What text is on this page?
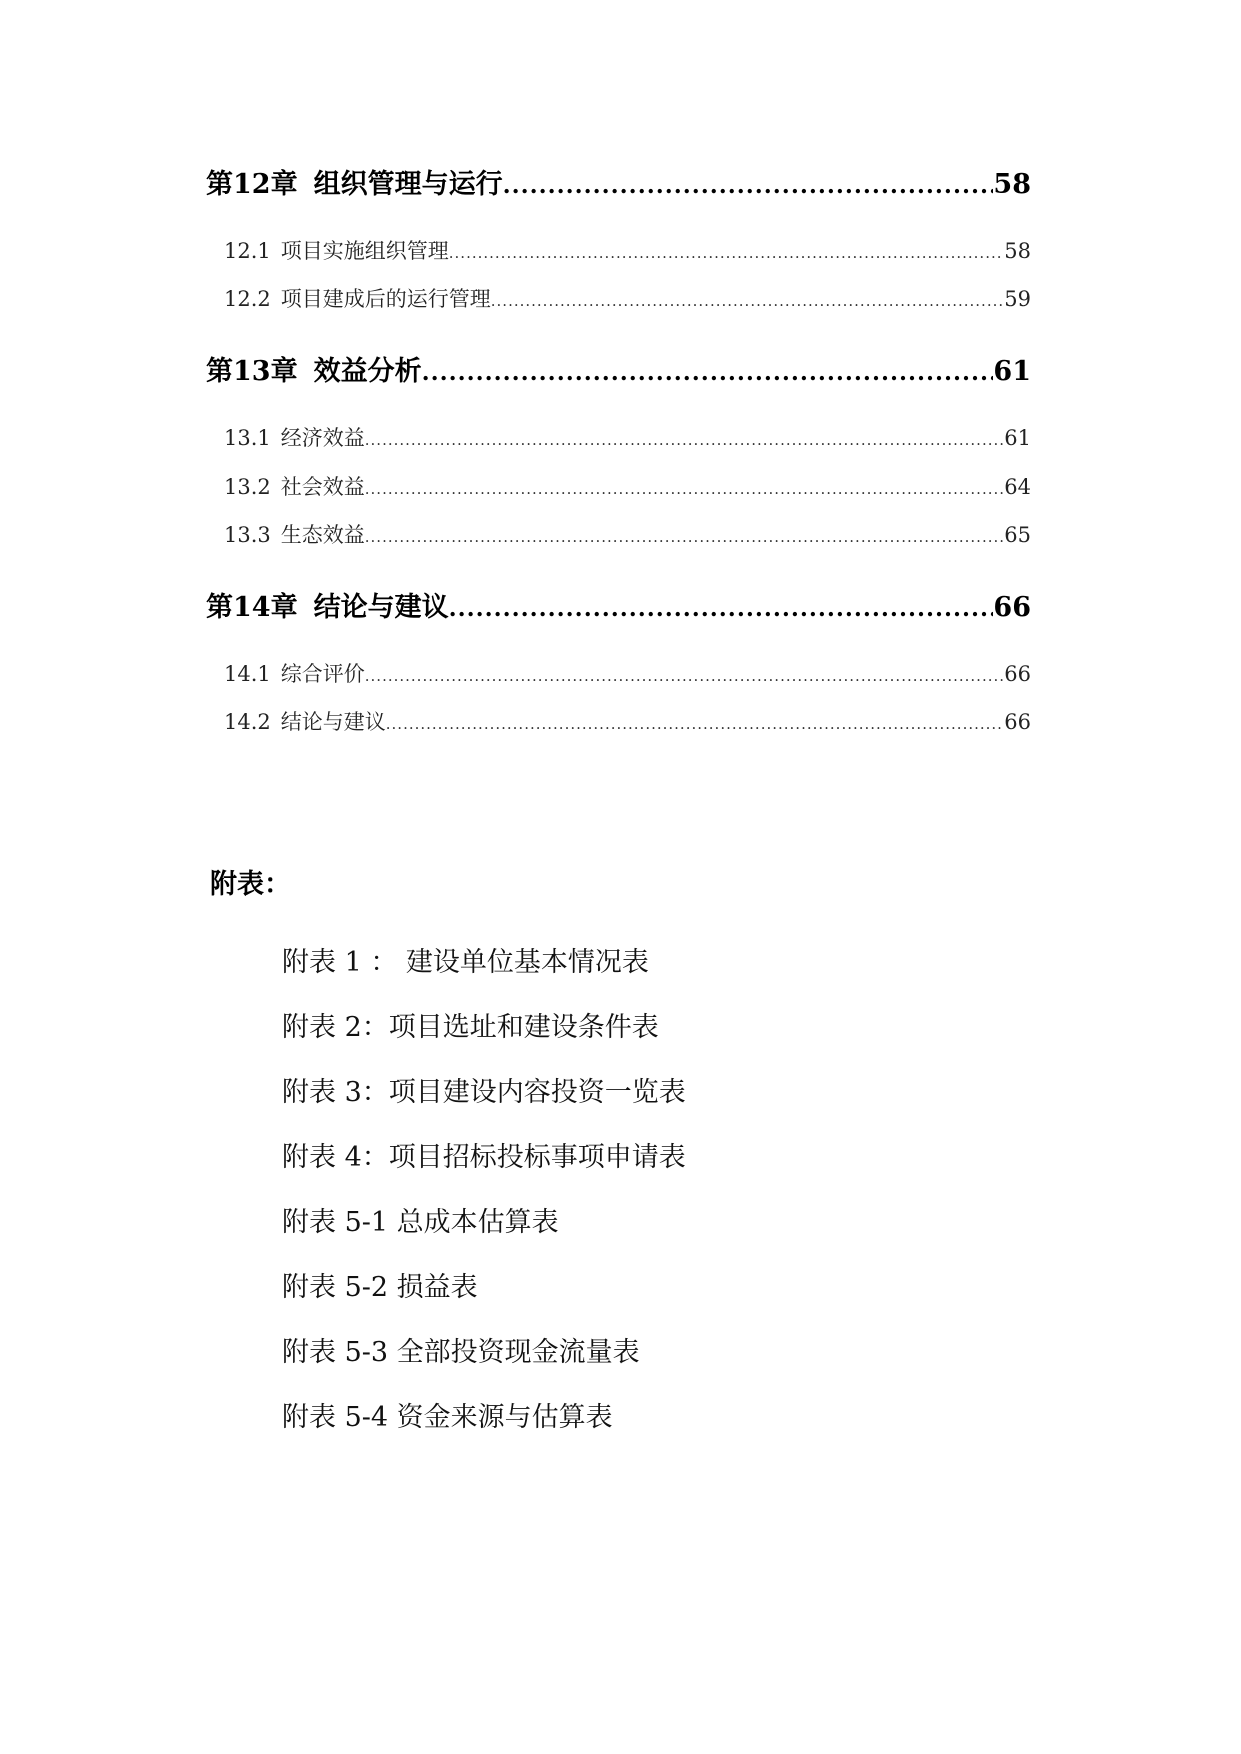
第12章 组织管理与运行 .....	58
12.1 项目实施组织管理 .....	58
12.2 项目建成后的运行管理 .....	59
第13章 效益分析 .....	61
13.1 经济效益 .....	61
13.2 社会效益 .....	64
13.3 生态效益 .....	65
第14章 结论与建议 .....	66
14.1 综合评价 .....	66
14.2 结论与建议 .....	66
附表：
附表 1 ： 建设单位基本情况表
附表 2：项目选址和建设条件表
附表 3：项目建设内容投资一览表
附表 4：项目招标投标事项申请表
附表 5-1 总成本估算表
附表 5-2 损益表
附表 5-3 全部投资现金流量表
附表 5-4 资金来源与估算表
